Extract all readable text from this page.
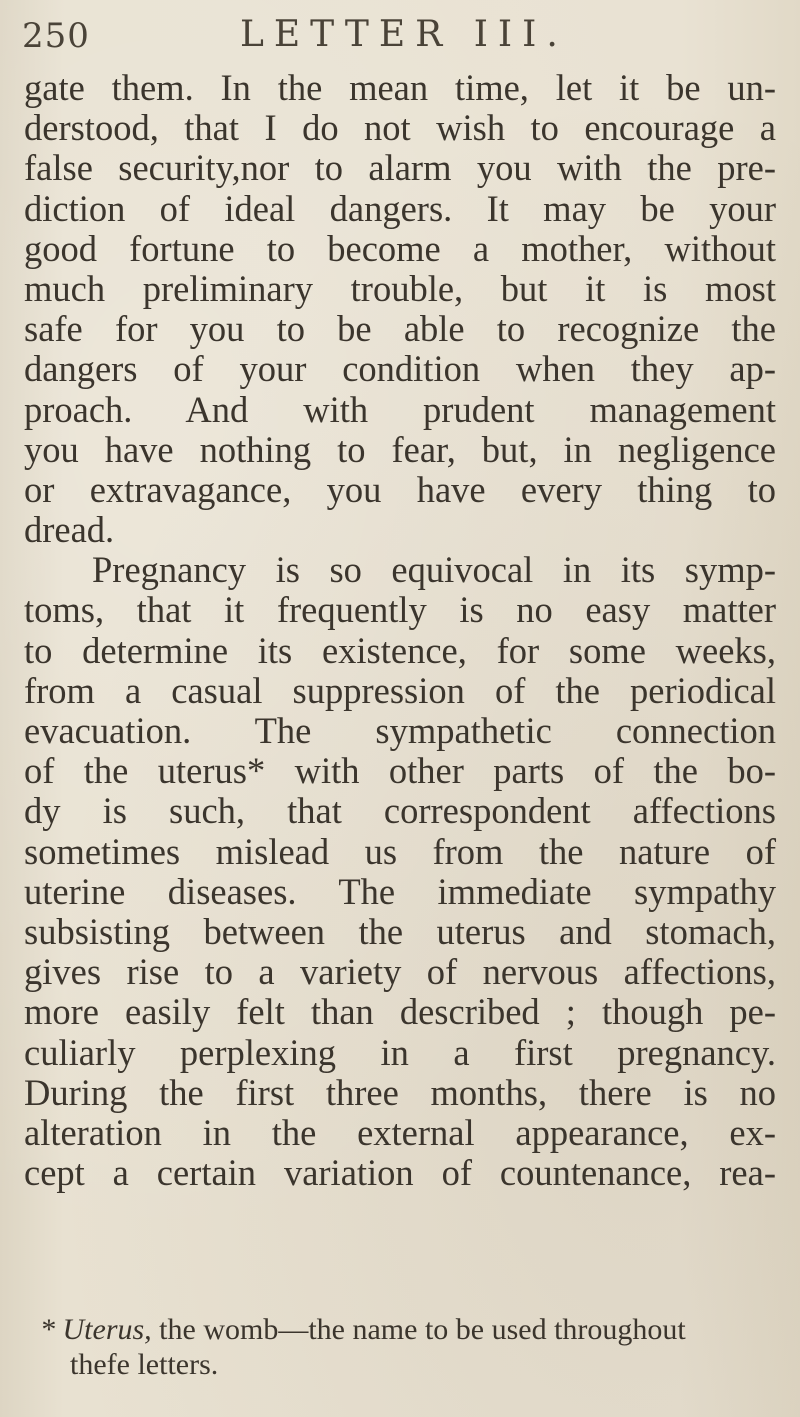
250	LETTER III.
gate them. In the mean time, let it be un-
derstood, that I do not wish to encourage a
false security,nor to alarm you with the pre-
diction of ideal dangers. It may be your
good fortune to become a mother, without
much preliminary trouble, but it is most
safe for you to be able to recognize the
dangers of your condition when they ap-
proach. And with prudent management
you have nothing to fear, but, in negligence
or extravagance, you have every thing to
dread.
Pregnancy is so equivocal in its symp-
toms, that it frequently is no easy matter
to determine its existence, for some weeks,
from a casual suppression of the periodical
evacuation. The sympathetic connection
of the uterus* with other parts of the bo-
dy is such, that correspondent affections
sometimes mislead us from the nature of
uterine diseases. The immediate sympathy
subsisting between the uterus and stomach,
gives rise to a variety of nervous affections,
more easily felt than described ; though pe-
culiarly perplexing in a first pregnancy.
During the first three months, there is no
alteration in the external appearance, ex-
cept a certain variation of countenance, rea-
* Uterus, the womb—the name to be used throughout
thefe letters.
